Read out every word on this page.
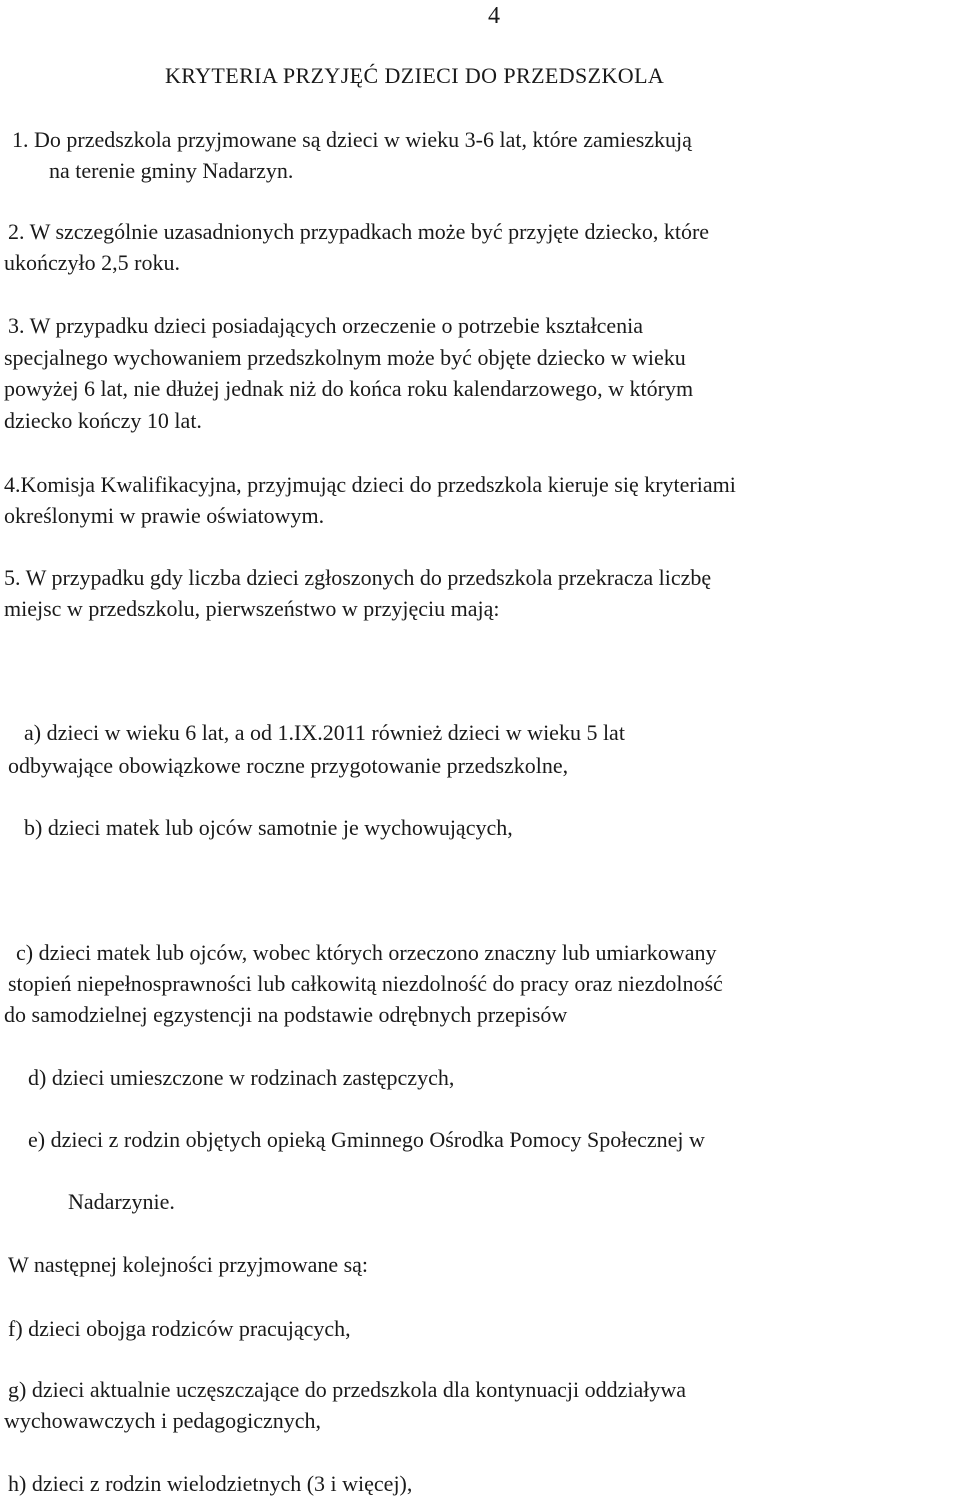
4
KRYTERIA PRZYJĘĆ DZIECI DO PRZEDSZKOLA
1. Do przedszkola przyjmowane są dzieci w wieku 3-6 lat, które zamieszkują
na terenie gminy Nadarzyn.
2. W szczególnie uzasadnionych przypadkach może być przyjęte dziecko, które
ukończyło 2,5 roku.
3. W przypadku dzieci posiadających orzeczenie o potrzebie kształcenia
specjalnego wychowaniem przedszkolnym może być objęte dziecko w wieku
powyżej 6 lat, nie dłużej jednak niż do końca roku kalendarzowego, w którym
dziecko kończy 10 lat.
4.Komisja Kwalifikacyjna, przyjmując dzieci do przedszkola kieruje się kryteriami
określonymi w prawie oświatowym.
5. W przypadku gdy liczba dzieci zgłoszonych do przedszkola przekracza liczbę
miejsc w przedszkolu, pierwszeństwo w przyjęciu mają:
a) dzieci w wieku 6 lat, a od 1.IX.2011 również dzieci w wieku 5 lat
odbywające obowiązkowe roczne przygotowanie przedszkolne,
b) dzieci matek lub ojców samotnie je wychowujących,
c) dzieci matek lub ojców, wobec których orzeczono znaczny lub umiarkowany
stopień niepełnosprawności lub całkowitą niezdolność do pracy oraz niezdolność
do samodzielnej egzystencji na podstawie odrębnych przepisów
d) dzieci umieszczone w rodzinach zastępczych,
e) dzieci z rodzin objętych opieką Gminnego Ośrodka Pomocy Społecznej w
Nadarzynie.
W następnej kolejności przyjmowane są:
f) dzieci obojga rodziców pracujących,
g) dzieci aktualnie uczęszczające do przedszkola dla kontynuacji oddziaływa
wychowawczych i pedagogicznych,
h) dzieci z rodzin wielodzietnych (3 i więcej),
